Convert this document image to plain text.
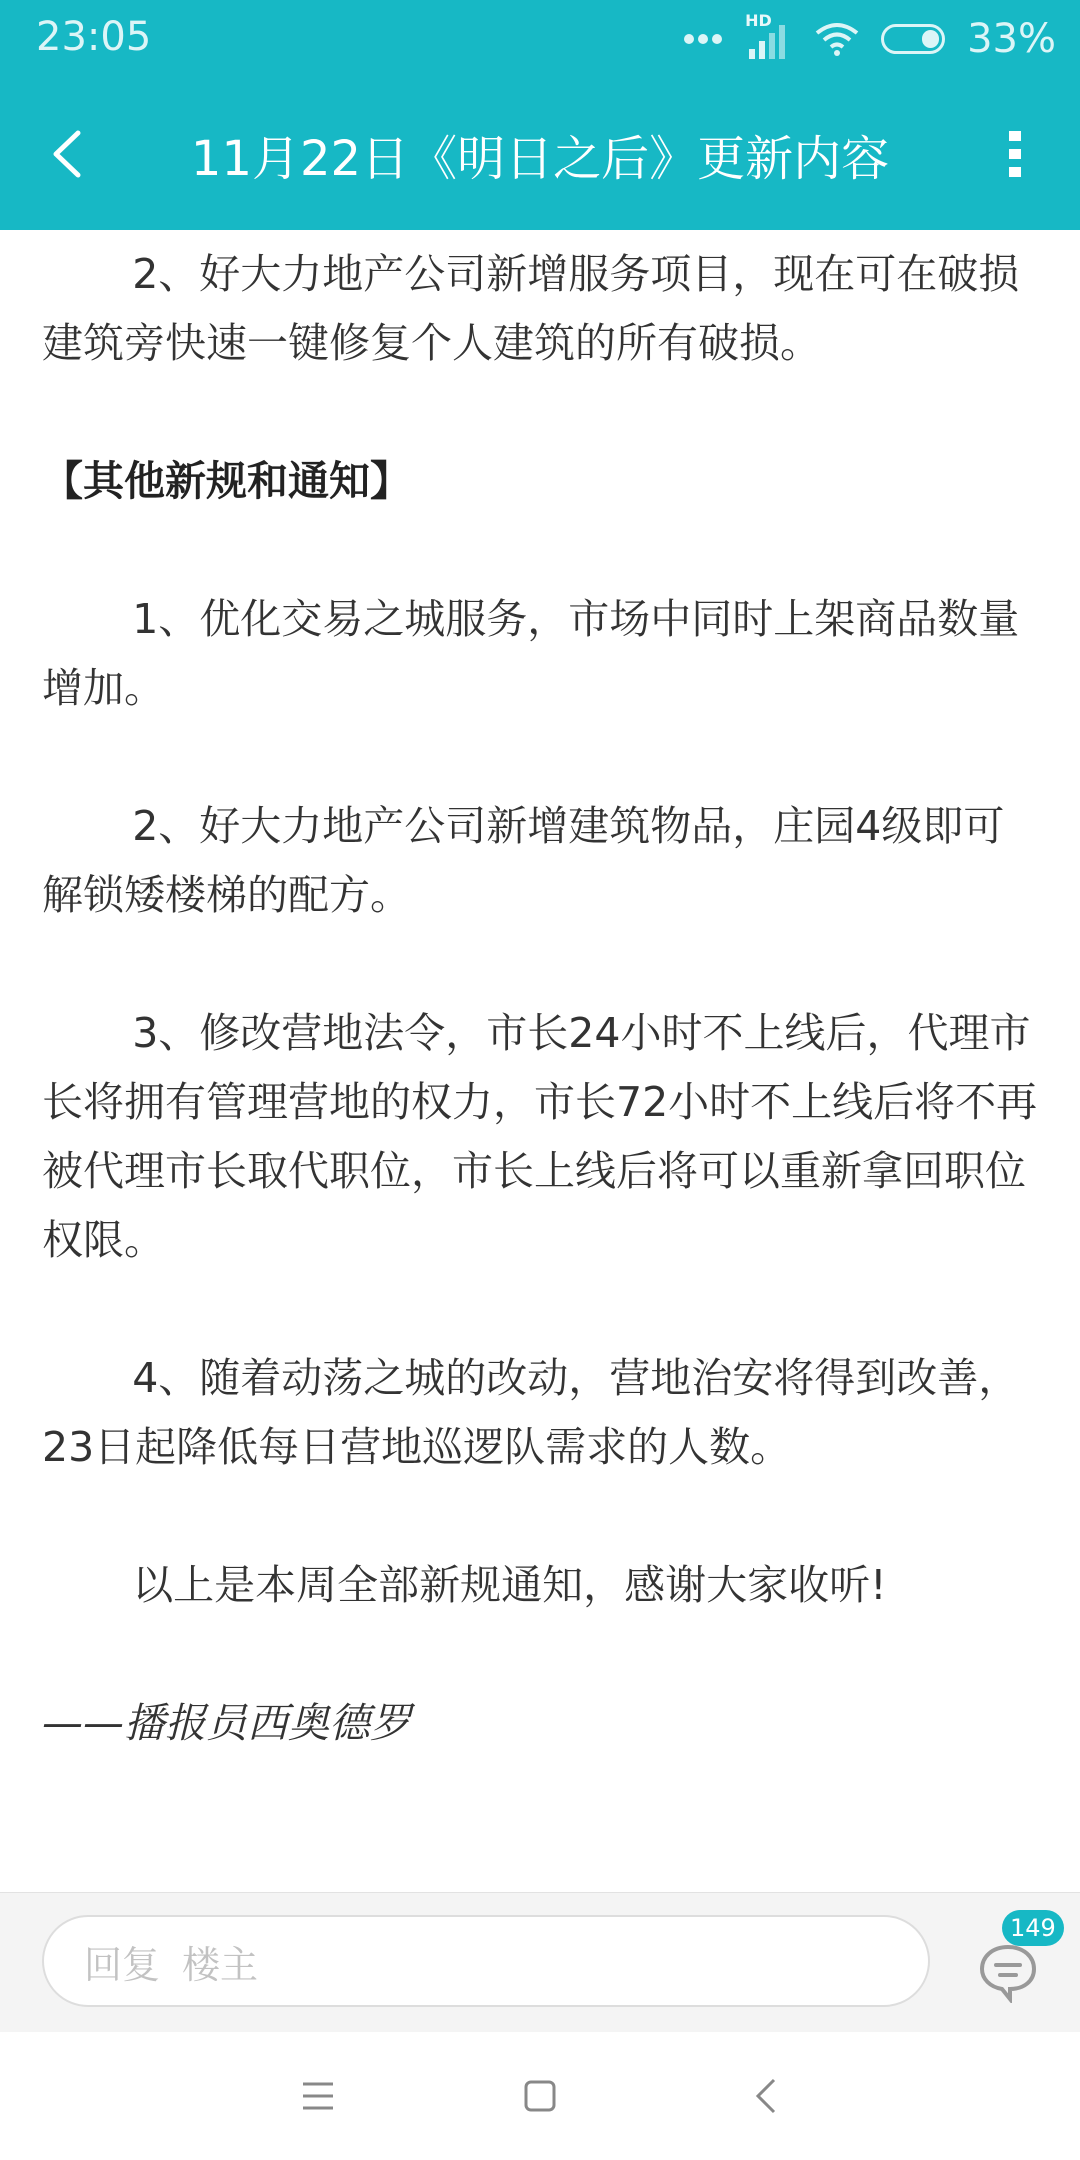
23:05	HD	33%
11月22日《明日之后》更新内容

2、好大力地产公司新增服务项目，现在可在破损建筑旁快速一键修复个人建筑的所有破损。

【其他新规和通知】

1、优化交易之城服务，市场中同时上架商品数量增加。

2、好大力地产公司新增建筑物品，庄园4级即可解锁矮楼梯的配方。

3、修改营地法令，市长24小时不上线后，代理市长将拥有管理营地的权力，市长72小时不上线后将不再被代理市长取代职位，市长上线后将可以重新拿回职位权限。

4、随着动荡之城的改动，营地治安将得到改善，23日起降低每日营地巡逻队需求的人数。

以上是本周全部新规通知，感谢大家收听!

——播报员西奥德罗

回复 楼主
149
